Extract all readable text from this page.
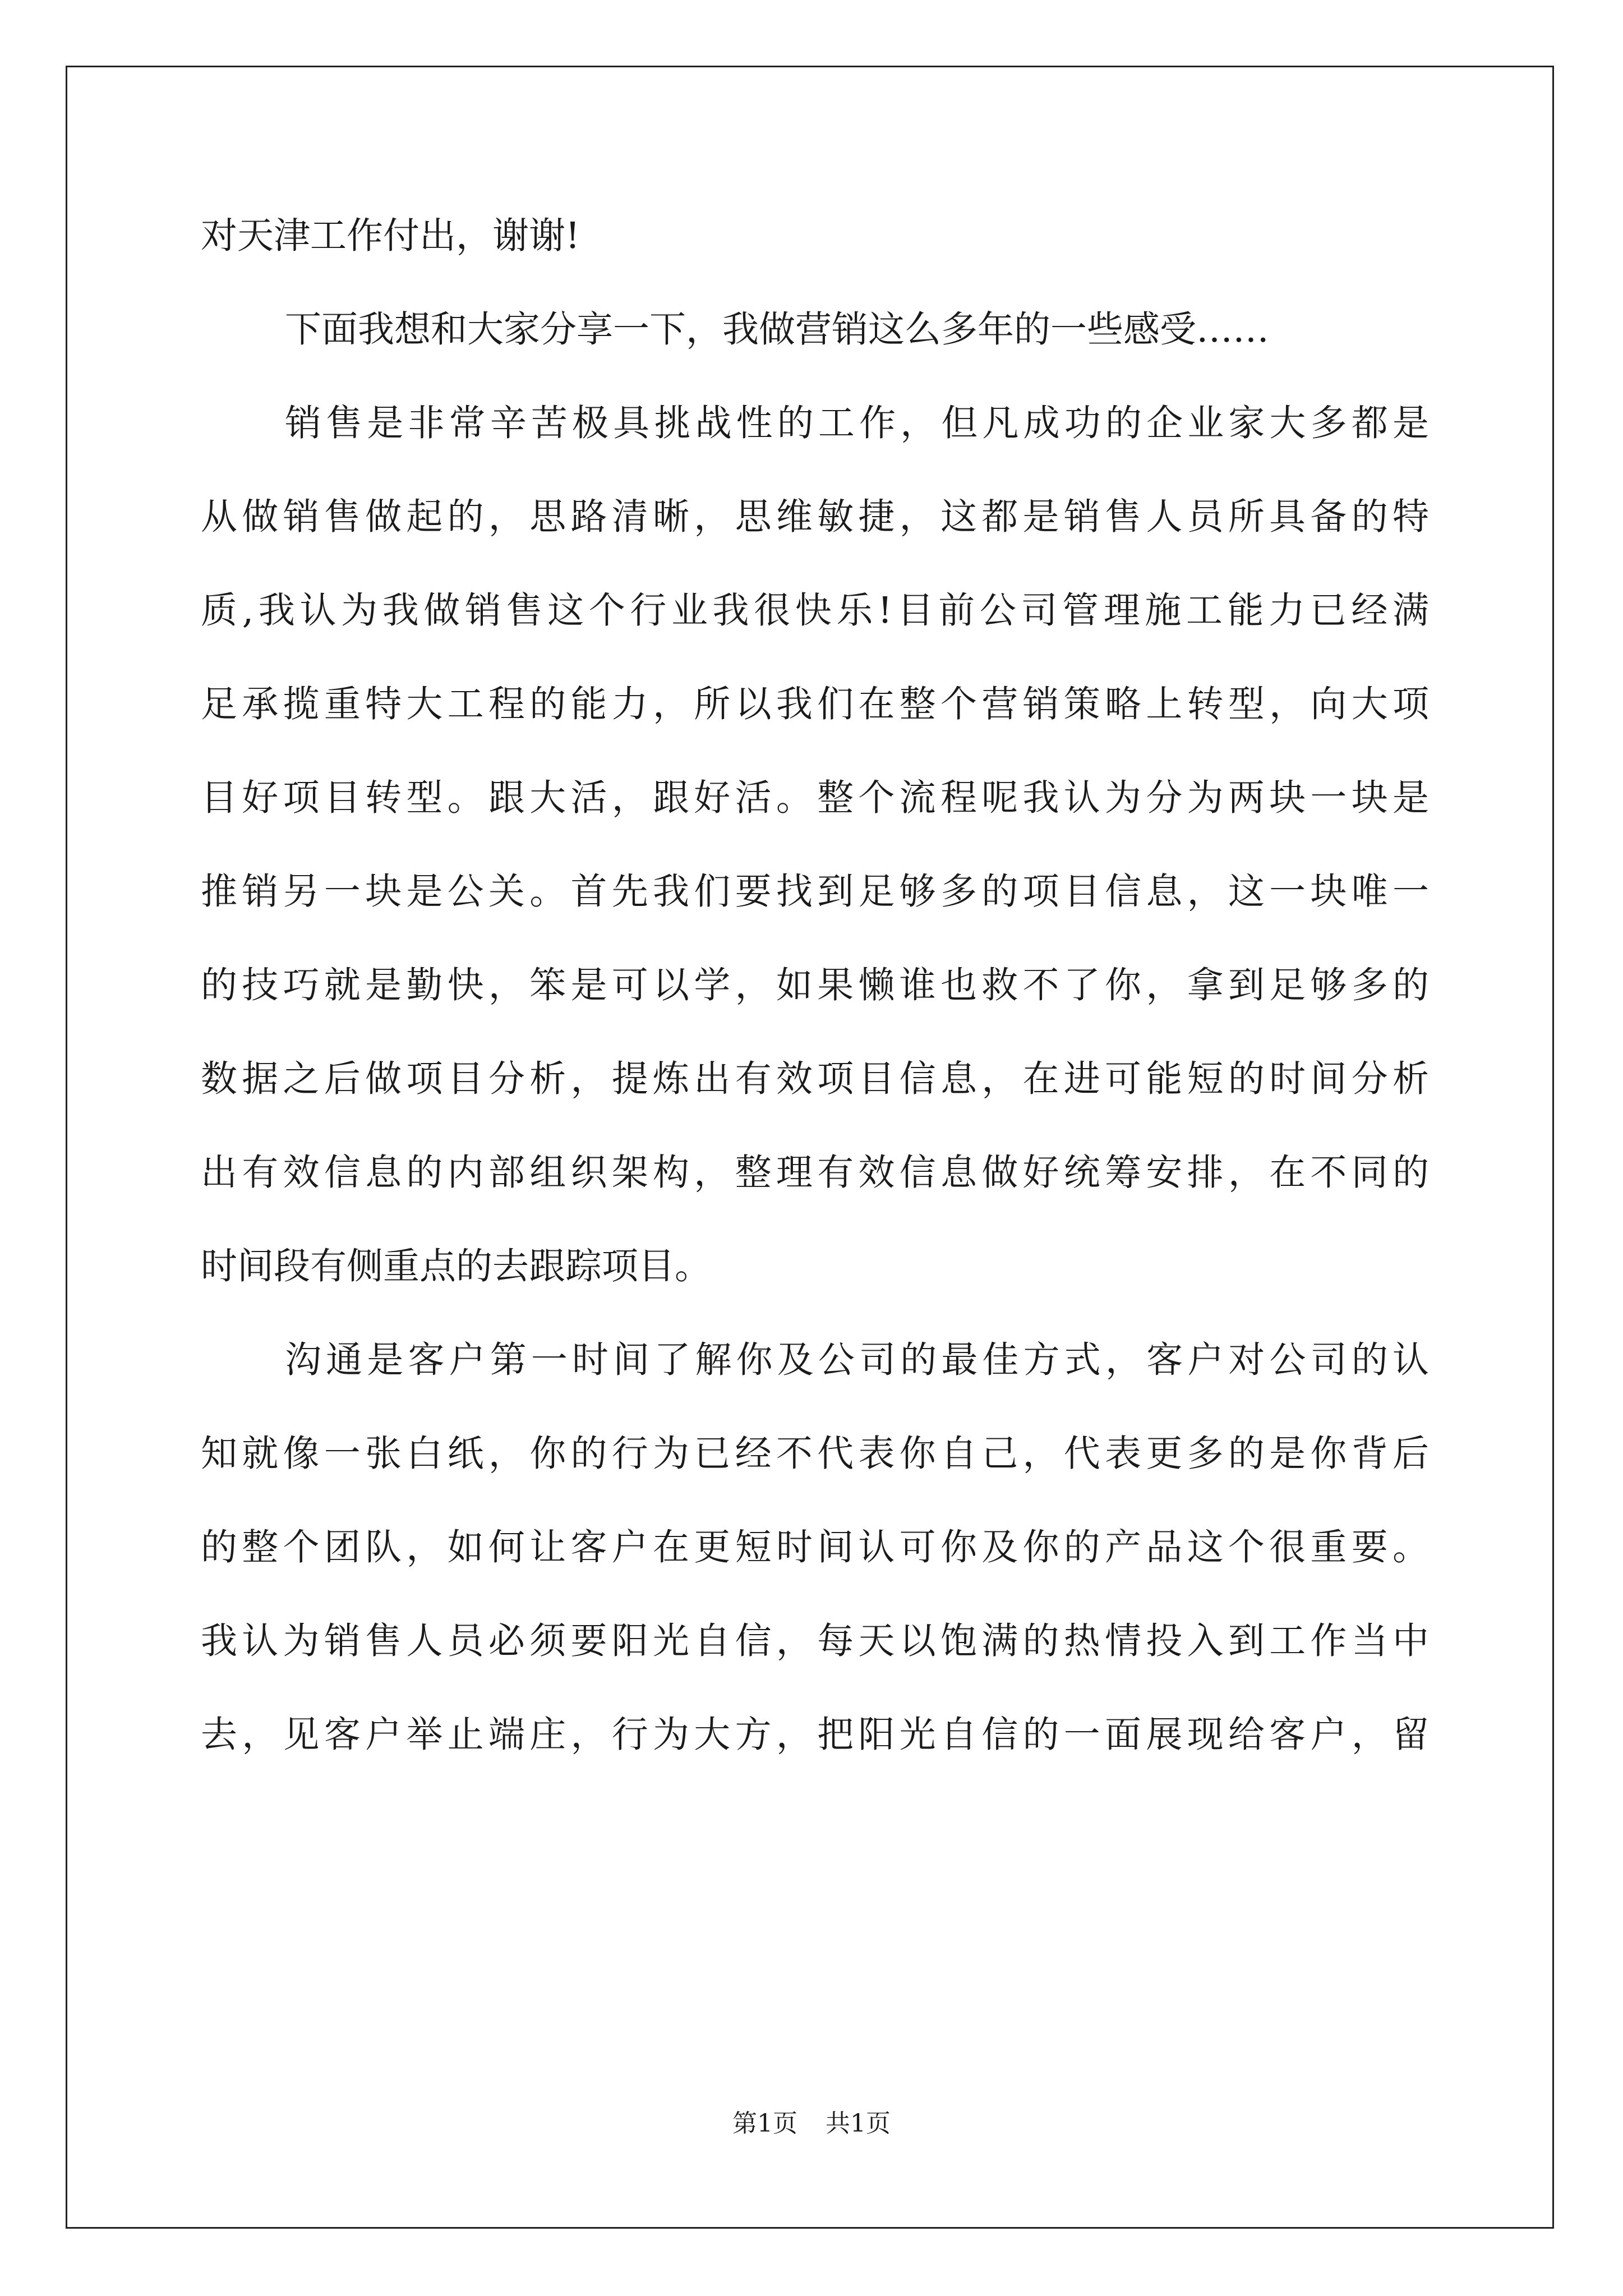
对天津工作付出，谢谢!
下面我想和大家分享一下，我做营销这么多年的一些感受……
销售是非常辛苦极具挑战性的工作，但凡成功的企业家大多都是
从做销售做起的，思路清晰，思维敏捷，这都是销售人员所具备的特
质,我认为我做销售这个行业我很快乐!目前公司管理施工能力已经满
足承揽重特大工程的能力，所以我们在整个营销策略上转型，向大项
目好项目转型。跟大活，跟好活。整个流程呢我认为分为两块一块是
推销另一块是公关。首先我们要找到足够多的项目信息，这一块唯一
的技巧就是勤快，笨是可以学，如果懒谁也救不了你，拿到足够多的
数据之后做项目分析，提炼出有效项目信息，在进可能短的时间分析
出有效信息的内部组织架构，整理有效信息做好统筹安排，在不同的
时间段有侧重点的去跟踪项目。
沟通是客户第一时间了解你及公司的最佳方式，客户对公司的认
知就像一张白纸，你的行为已经不代表你自己，代表更多的是你背后
的整个团队，如何让客户在更短时间认可你及你的产品这个很重要。
我认为销售人员必须要阳光自信，每天以饱满的热情投入到工作当中
去，见客户举止端庄，行为大方，把阳光自信的一面展现给客户，留
第1页 共1页
